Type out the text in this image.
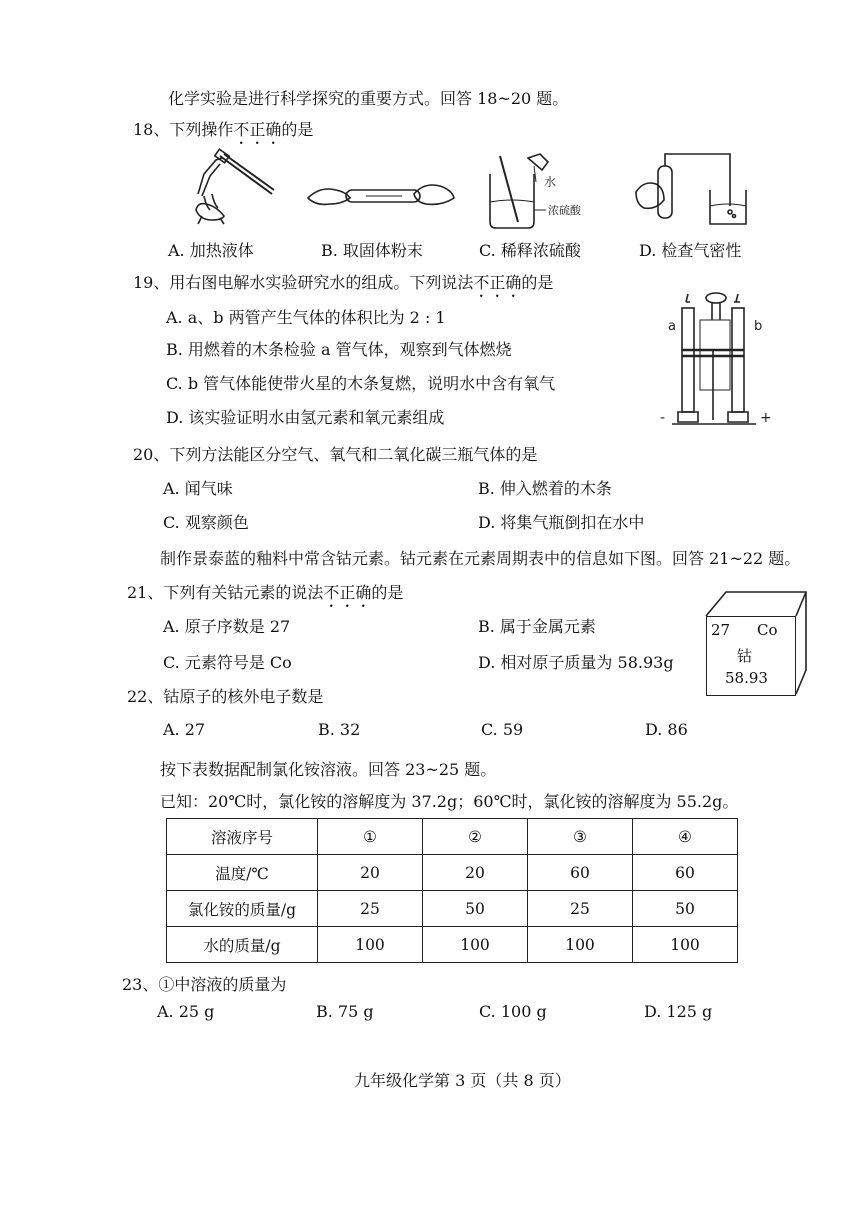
化学实验是进行科学探究的重要方式。回答 18~20 题。
18、下列操作不正确的是
水
浓硫酸
A. 加热液体	B. 取固体粉末	C. 稀释浓硫酸	D. 检查气密性
19、用右图电解水实验研究水的组成。下列说法不正确的是
A. a、b 两管产生气体的体积比为 2 : 1
B. 用燃着的木条检验 a 管气体，观察到气体燃烧
C. b 管气体能使带火星的木条复燃，说明水中含有氧气
D. 该实验证明水由氢元素和氧元素组成
a	b
-	+
20、下列方法能区分空气、氧气和二氧化碳三瓶气体的是
A. 闻气味	B. 伸入燃着的木条
C. 观察颜色	D. 将集气瓶倒扣在水中
制作景泰蓝的釉料中常含钴元素。钴元素在元素周期表中的信息如下图。回答 21~22 题。
21、下列有关钴元素的说法不正确的是
A. 原子序数是 27	B. 属于金属元素
C. 元素符号是 Co	D. 相对原子质量为 58.93g
27 Co
钴
58.93
22、钴原子的核外电子数是
A. 27	B. 32	C. 59	D. 86
按下表数据配制氯化铵溶液。回答 23~25 题。
已知：20℃时，氯化铵的溶解度为 37.2g；60℃时，氯化铵的溶解度为 55.2g。
溶液序号	①	②	③	④
温度/℃	20	20	60	60
氯化铵的质量/g	25	50	25	50
水的质量/g	100	100	100	100
23、①中溶液的质量为
A. 25 g	B. 75 g	C. 100 g	D. 125 g
九年级化学第 3 页（共 8 页）
